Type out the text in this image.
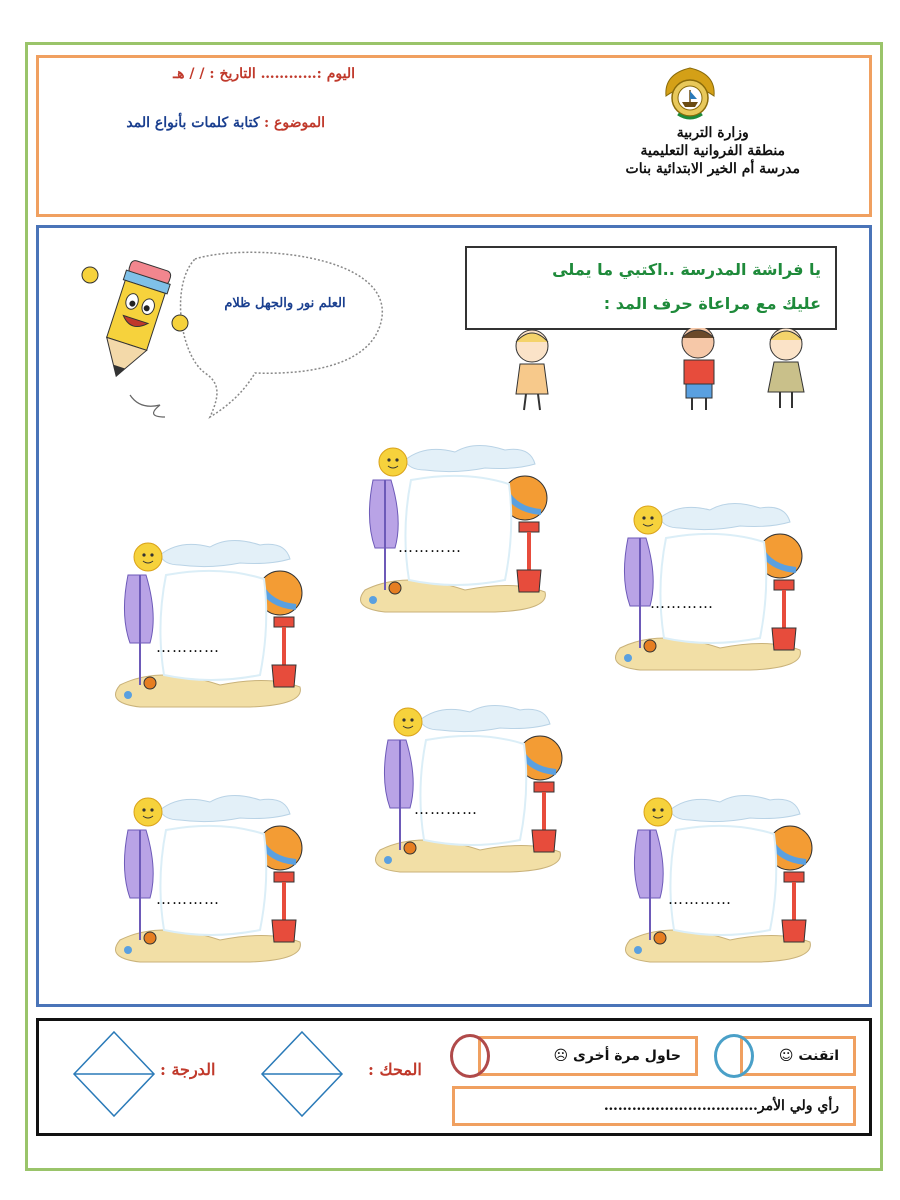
اليوم :………… التاريخ : / / هـ
الموضوع : كتابة كلمات بأنواع المد
وزارة التربية
منطقة الفروانية التعليمية
مدرسة أم الخير الابتدائية بنات
العلم نور والجهل ظلام
يا فراشة المدرسة ..اكتبي ما يملى
عليك مع مراعاة حرف المد :
…………
…………
…………
…………
…………	…………
اتقنت ☺
حاول مرة أخرى ☹
رأي ولي الأمر……………………………
المحك :
الدرجة :
